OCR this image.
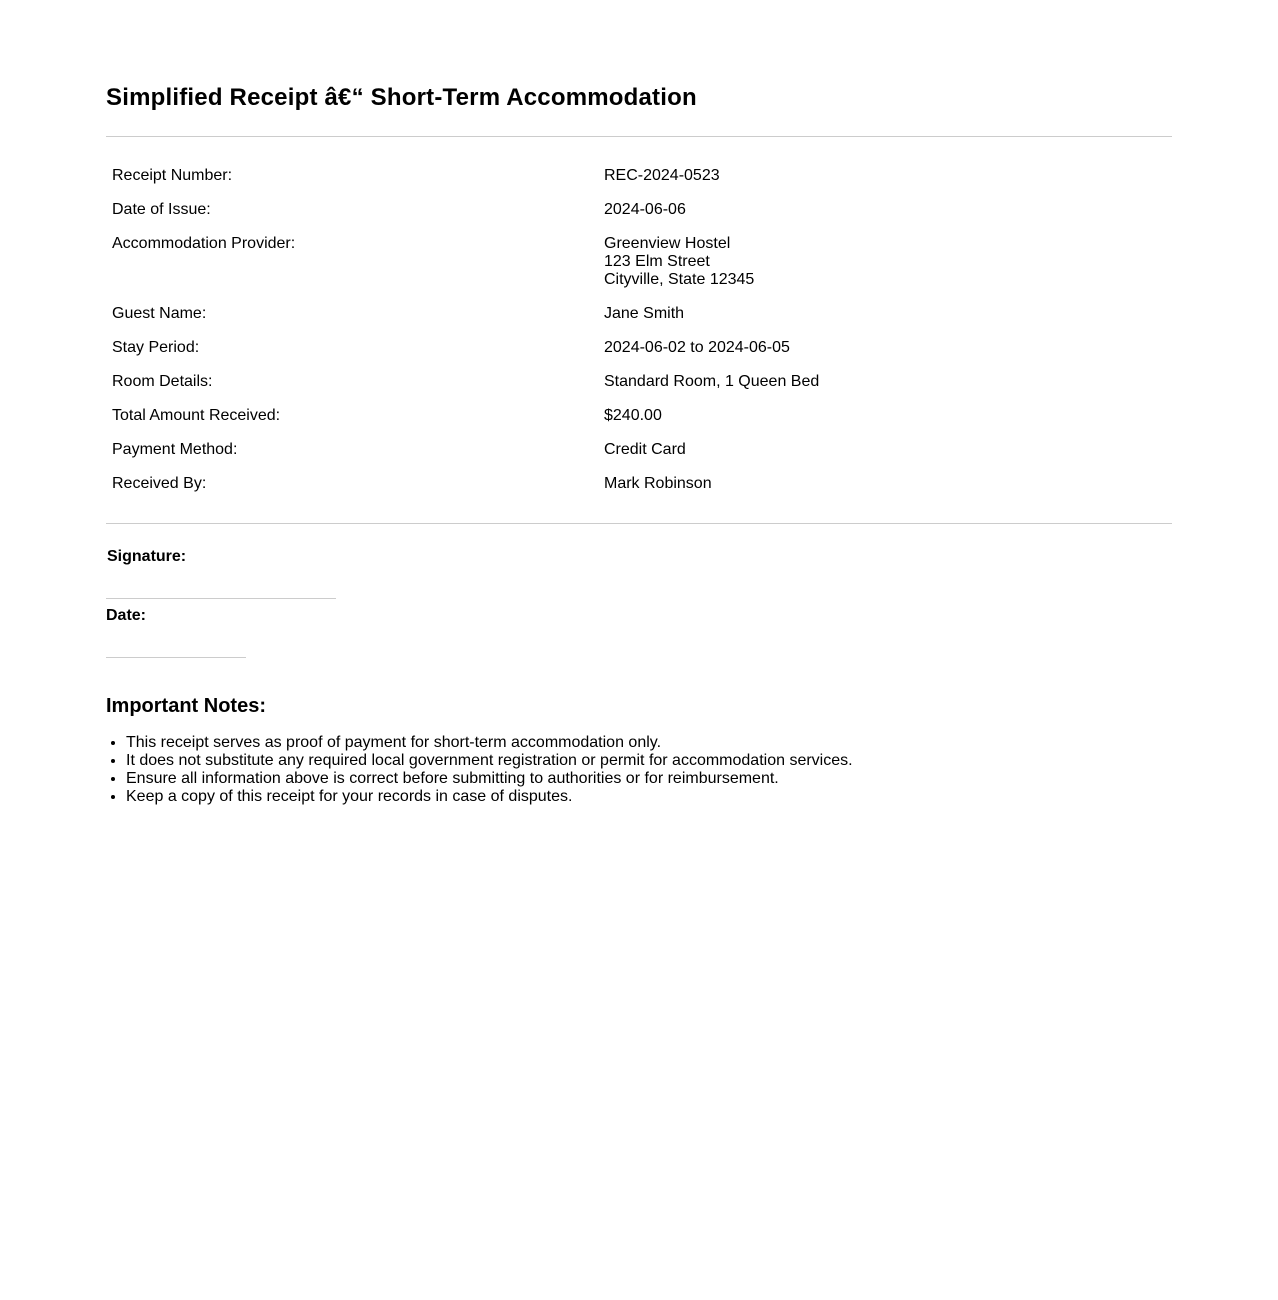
Simplified Receipt â€“ Short-Term Accommodation
Receipt Number:	REC-2024-0523
Date of Issue:	2024-06-06
Accommodation Provider:	Greenview Hostel
123 Elm Street
Cityville, State 12345

Guest Name:	Jane Smith
Stay Period:	2024-06-02 to 2024-06-05
Room Details:	Standard Room, 1 Queen Bed
Total Amount Received:	$240.00
Payment Method:	Credit Card
Received By:	Mark Robinson
Signature:
Date:
Important Notes:
• This receipt serves as proof of payment for short-term accommodation only.
• It does not substitute any required local government registration or permit for accommodation services.
• Ensure all information above is correct before submitting to authorities or for reimbursement.
• Keep a copy of this receipt for your records in case of disputes.
